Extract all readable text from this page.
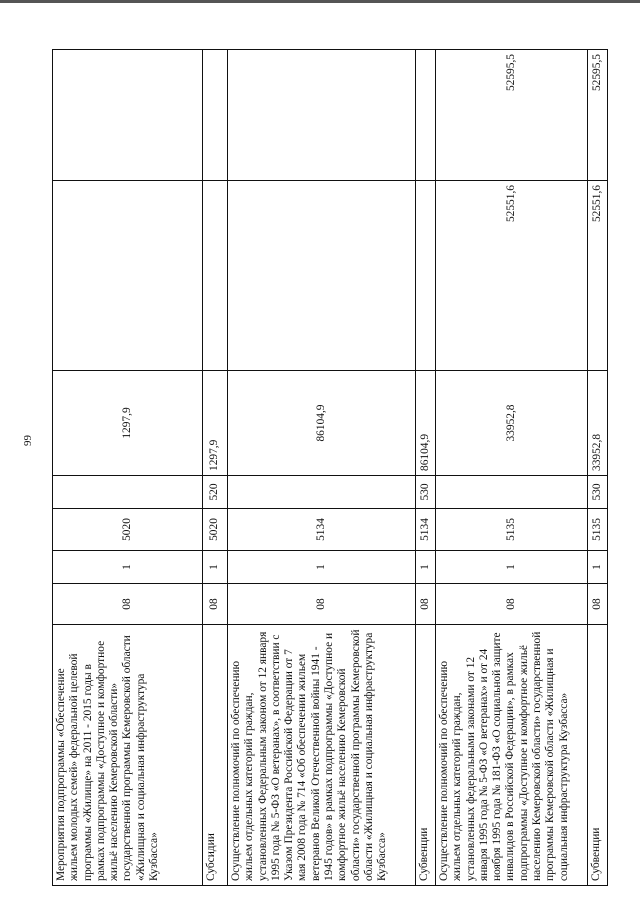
99
Мероприятия подпрограммы «Обеспечение жильем молодых семей» федеральной целевой программы «Жилище» на 2011 - 2015 годы в рамках подпрограммы «Доступное и комфортное жильё населению Кемеровской области» государственной программы Кемеровской области «Жилищная и социальная инфраструктура Кузбасса»	08	1	5020		1297,9		
Субсидии	08	1	5020	520	1297,9		
Осуществление полномочий по обеспечению жильем отдельных категорий граждан, установленных Федеральным законом от 12 января 1995 года № 5-ФЗ «О ветеранах», в соответствии с Указом Президента Российской Федерации от 7 мая 2008 года № 714 «Об обеспечении жильем ветеранов Великой Отечественной войны 1941 - 1945 годов» в рамках подпрограммы «Доступное и комфортное жильё населению Кемеровской области» государственной программы Кемеровской области «Жилищная и социальная инфраструктура Кузбасса»	08	1	5134		86104,9		
Субвенции	08	1	5134	530	86104,9		
Осуществление полномочий по обеспечению жильем отдельных категорий граждан, установленных федеральными законами от 12 января 1995 года № 5-ФЗ «О ветеранах» и от 24 ноября 1995 года № 181-ФЗ «О социальной защите инвалидов в Российской Федерации», в рамках подпрограммы «Доступное и комфортное жильё населению Кемеровской области» государственной программы Кемеровской области «Жилищная и социальная инфраструктура Кузбасса»	08	1	5135		33952,8	52551,6	52595,5
Субвенции	08	1	5135	530	33952,8	52551,6	52595,5
